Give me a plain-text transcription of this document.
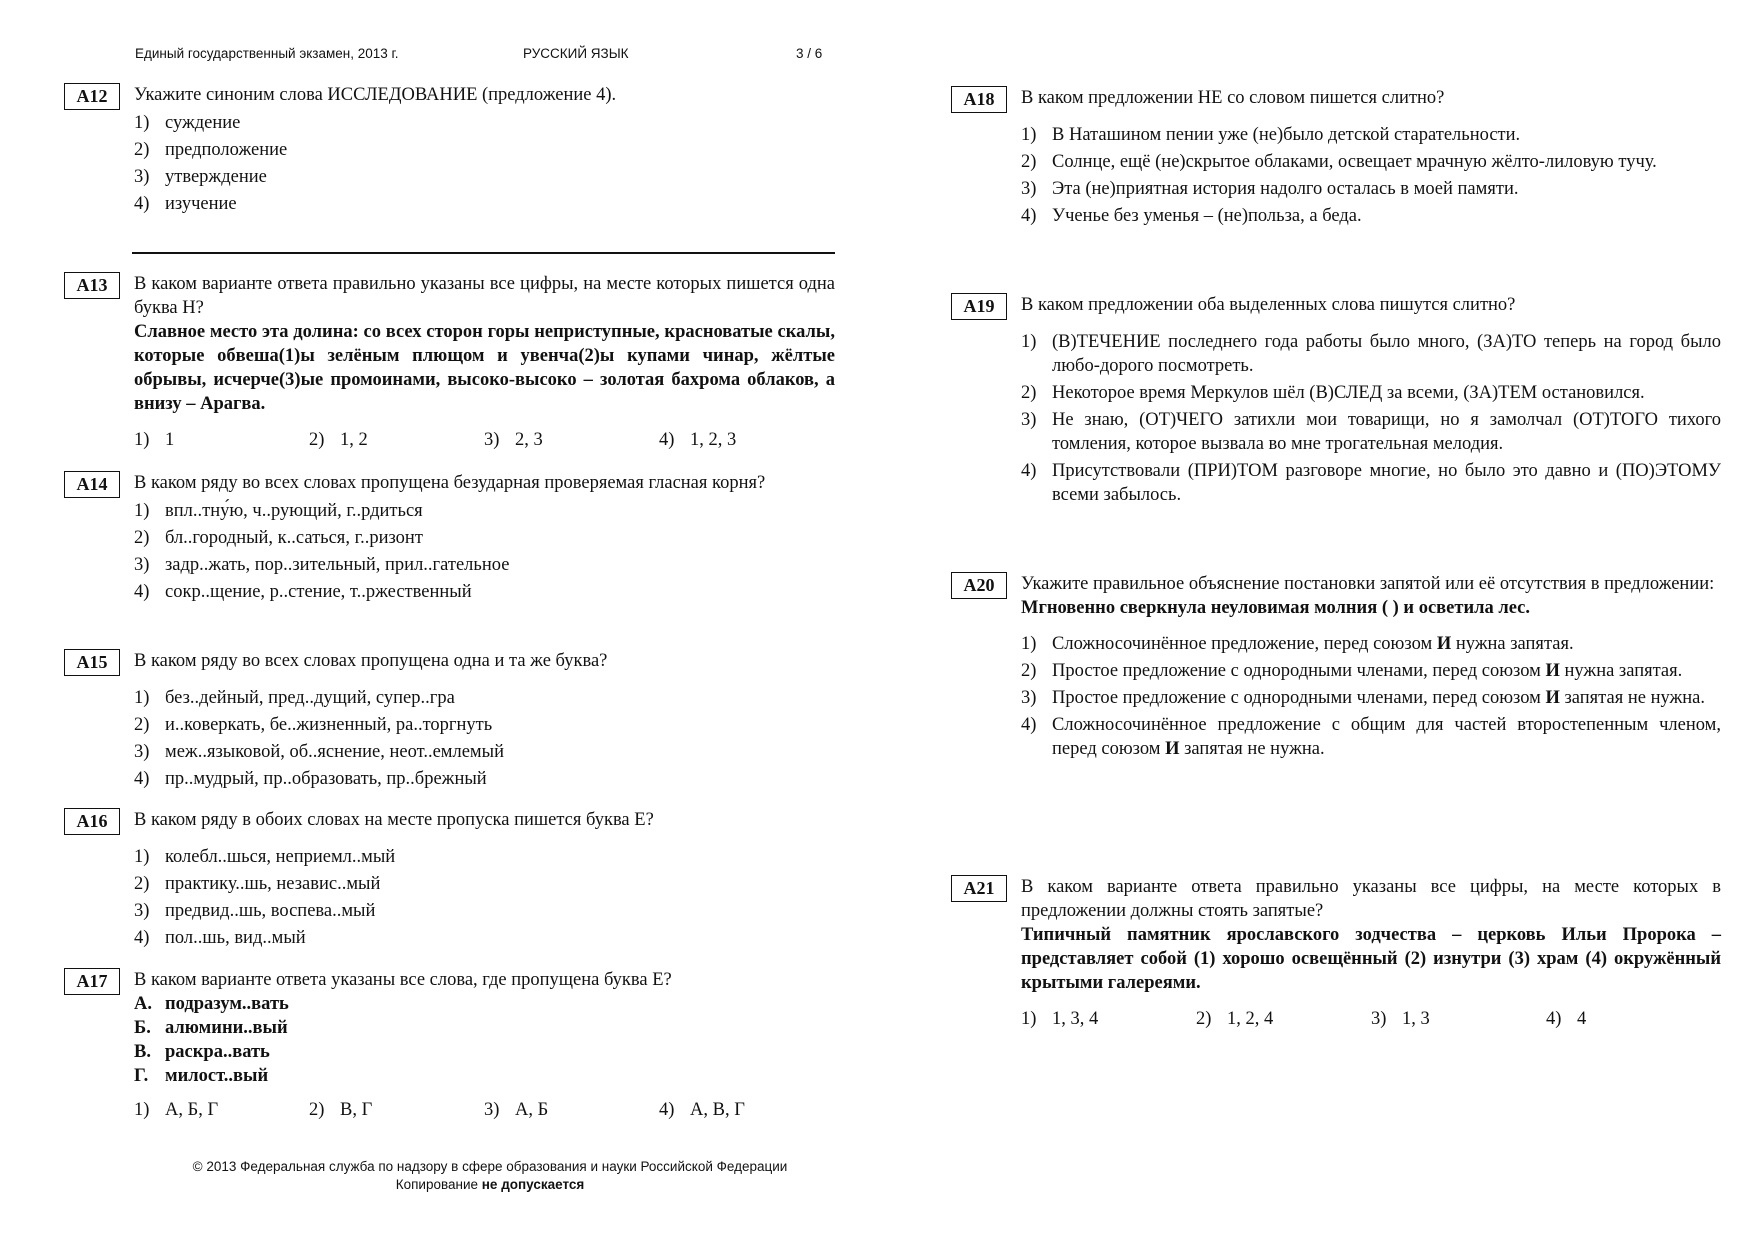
Единый государственный экзамен, 2013 г.	РУССКИЙ ЯЗЫК	3 / 6
А12	Укажите синоним слова ИССЛЕДОВАНИЕ (предложение 4).
1) суждение
2) предположение
3) утверждение
4) изучение
А13	В каком варианте ответа правильно указаны все цифры, на месте которых пишется одна буква Н?
Славное место эта долина: со всех сторон горы неприступные, красноватые скалы, которые обвеша(1)ы зелёным плющом и увенча(2)ы купами чинар, жёлтые обрывы, исчерче(3)ые промоинами, высоко-высоко – золотая бахрома облаков, а внизу – Арагва.
1) 1	2) 1, 2	3) 2, 3	4) 1, 2, 3
А14	В каком ряду во всех словах пропущена безударная проверяемая гласная корня?
1) впл..тну́ю, ч..рующий, г..рдиться
2) бл..городный, к..саться, г..ризонт
3) задр..жать, пор..зительный, прил..гательное
4) сокр..щение, р..стение, т..ржественный
А15	В каком ряду во всех словах пропущена одна и та же буква?
1) без..дейный, пред..дущий, супер..гра
2) и..коверкать, бе..жизненный, ра..торгнуть
3) меж..языковой, об..яснение, неот..емлемый
4) пр..мудрый, пр..образовать, пр..брежный
А16	В каком ряду в обоих словах на месте пропуска пишется буква Е?
1) колебл..шься, неприемл..мый
2) практику..шь, независ..мый
3) предвид..шь, воспева..мый
4) пол..шь, вид..мый
А17	В каком варианте ответа указаны все слова, где пропущена буква Е?
А. подразум..вать
Б. алюмини..вый
В. раскра..вать
Г. милост..вый
1) А, Б, Г	2) В, Г	3) А, Б	4) А, В, Г
А18	В каком предложении НЕ со словом пишется слитно?
1) В Наташином пении уже (не)было детской старательности.
2) Солнце, ещё (не)скрытое облаками, освещает мрачную жёлто-лиловую тучу.
3) Эта (не)приятная история надолго осталась в моей памяти.
4) Ученье без уменья – (не)польза, а беда.
А19	В каком предложении оба выделенных слова пишутся слитно?
1) (В)ТЕЧЕНИЕ последнего года работы было много, (ЗА)ТО теперь на город было любо-дорого посмотреть.
2) Некоторое время Меркулов шёл (В)СЛЕД за всеми, (ЗА)ТЕМ остановился.
3) Не знаю, (ОТ)ЧЕГО затихли мои товарищи, но я замолчал (ОТ)ТОГО тихого томления, которое вызвала во мне трогательная мелодия.
4) Присутствовали (ПРИ)ТОМ разговоре многие, но было это давно и (ПО)ЭТОМУ всеми забылось.
А20	Укажите правильное объяснение постановки запятой или её отсутствия в предложении:
Мгновенно сверкнула неуловимая молния ( ) и осветила лес.
1) Сложносочинённое предложение, перед союзом И нужна запятая.
2) Простое предложение с однородными членами, перед союзом И нужна запятая.
3) Простое предложение с однородными членами, перед союзом И запятая не нужна.
4) Сложносочинённое предложение с общим для частей второстепенным членом, перед союзом И запятая не нужна.
А21	В каком варианте ответа правильно указаны все цифры, на месте которых в предложении должны стоять запятые?
Типичный памятник ярославского зодчества – церковь Ильи Пророка – представляет собой (1) хорошо освещённый (2) изнутри (3) храм (4) окружённый крытыми галереями.
1) 1, 3, 4	2) 1, 2, 4	3) 1, 3	4) 4
© 2013 Федеральная служба по надзору в сфере образования и науки Российской Федерации
Копирование не допускается
